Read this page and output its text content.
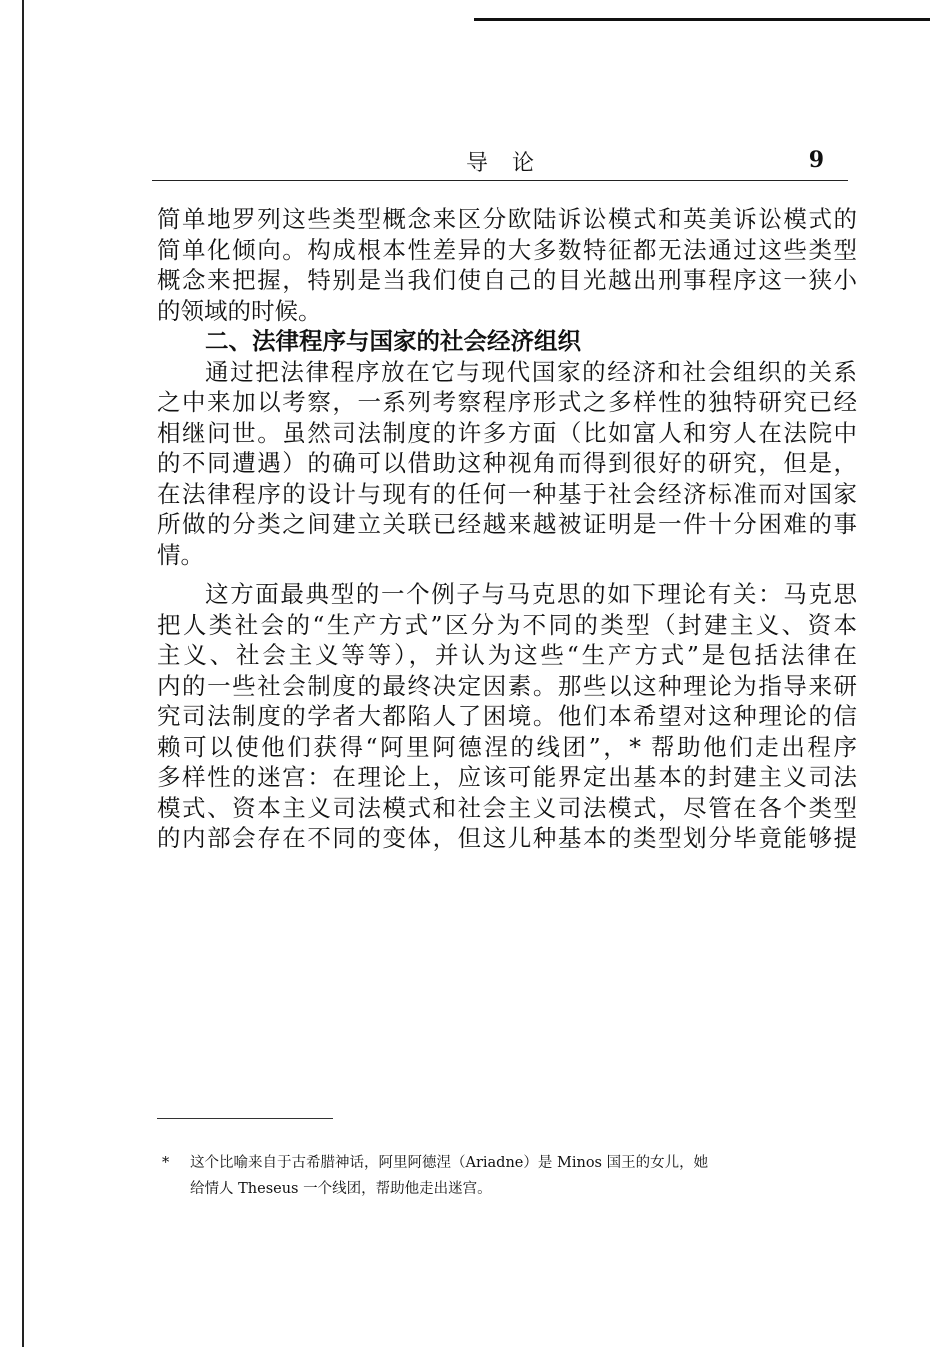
导论	9
简单地罗列这些类型概念来区分欧陆诉讼模式和英美诉讼模式的
简单化倾向。构成根本性差异的大多数特征都无法通过这些类型
概念来把握，特别是当我们使自己的目光越出刑事程序这一狭小
的领域的时候。
二、法律程序与国家的社会经济组织
通过把法律程序放在它与现代国家的经济和社会组织的关系
之中来加以考察，一系列考察程序形式之多样性的独特研究已经
相继问世。虽然司法制度的许多方面（比如富人和穷人在法院中
的不同遭遇）的确可以借助这种视角而得到很好的研究，但是，
在法律程序的设计与现有的任何一种基于社会经济标准而对国家
所做的分类之间建立关联已经越来越被证明是一件十分困难的事
情。
这方面最典型的一个例子与马克思的如下理论有关：马克思
把人类社会的“生产方式”区分为不同的类型（封建主义、资本
主义、社会主义等等），并认为这些“生产方式”是包括法律在
内的一些社会制度的最终决定因素。那些以这种理论为指导来研
究司法制度的学者大都陷人了困境。他们本希望对这种理论的信
赖可以使他们获得“阿里阿德涅的线团”，* 帮助他们走出程序
多样性的迷宫：在理论上，应该可能界定出基本的封建主义司法
模式、资本主义司法模式和社会主义司法模式，尽管在各个类型
的内部会存在不同的变体，但这儿种基本的类型划分毕竟能够提
* 这个比喻来自于古希腊神话，阿里阿德涅（Ariadne）是 Minos 国王的女儿，她
给情人 Theseus 一个线团，帮助他走出迷宫。
